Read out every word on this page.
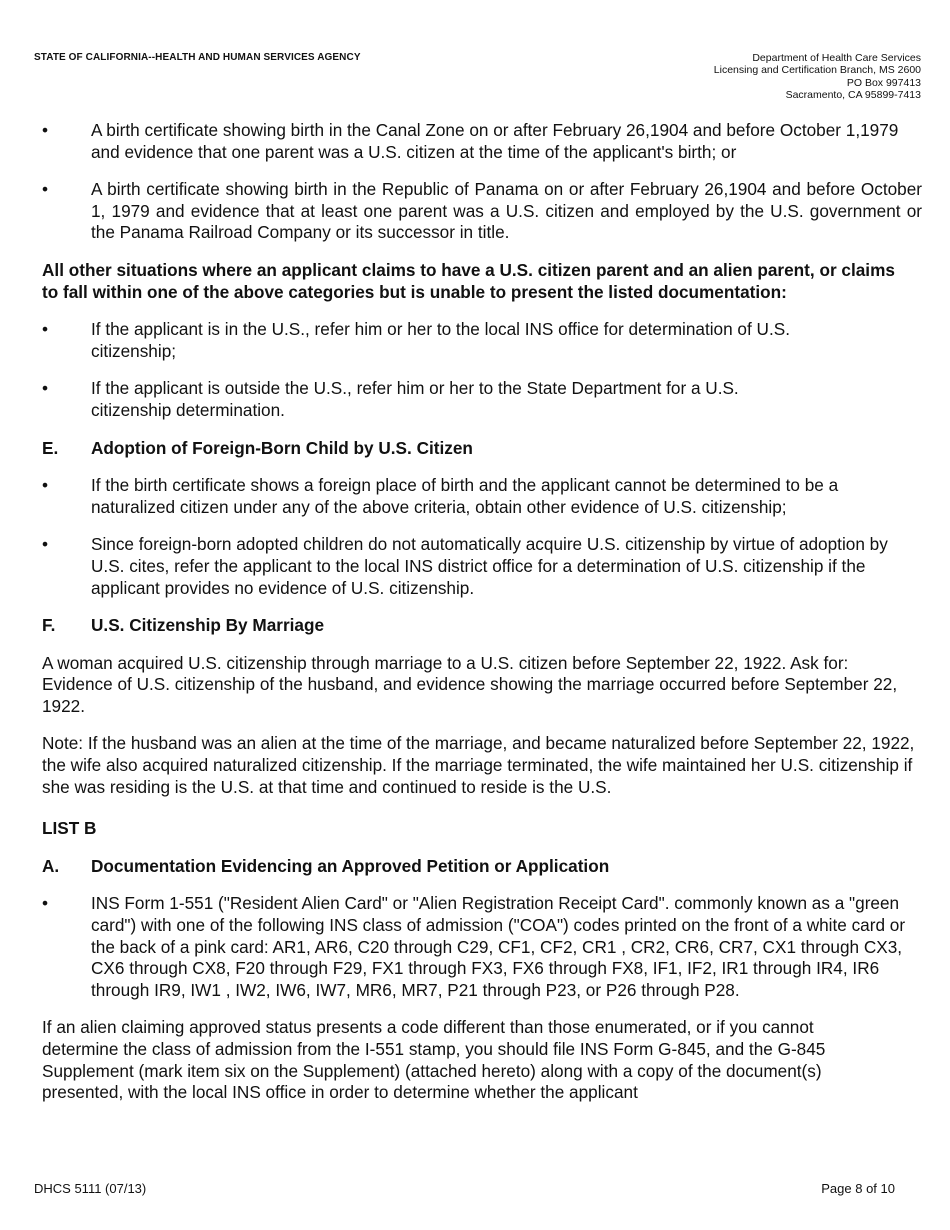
STATE OF CALIFORNIA--HEALTH AND HUMAN SERVICES AGENCY	Department of Health Care Services
Licensing and Certification Branch, MS 2600
PO Box 997413
Sacramento, CA 95899-7413
•	A birth certificate showing birth in the Canal Zone on or after February 26,1904 and before October 1,1979 and evidence that one parent was a U.S. citizen at the time of the applicant's birth; or
•	A birth certificate showing birth in the Republic of Panama on or after February 26,1904 and before October 1, 1979 and evidence that at least one parent was a U.S. citizen and employed by the U.S. government or the Panama Railroad Company or its successor in title.
All other situations where an applicant claims to have a U.S. citizen parent and an alien parent, or claims to fall within one of the above categories but is unable to present the listed documentation:
•	If the applicant is in the U.S., refer him or her to the local INS office for determination of U.S. citizenship;
•	If the applicant is outside the U.S., refer him or her to the State Department for a U.S. citizenship determination.
E.	Adoption of Foreign-Born Child by U.S. Citizen
•	If the birth certificate shows a foreign place of birth and the applicant cannot be determined to be a naturalized citizen under any of the above criteria, obtain other evidence of U.S. citizenship;
•	Since foreign-born adopted children do not automatically acquire U.S. citizenship by virtue of adoption by U.S. cites, refer the applicant to the local INS district office for a determination of U.S. citizenship if the applicant provides no evidence of U.S. citizenship.
F.	U.S. Citizenship By Marriage
A woman acquired U.S. citizenship through marriage to a U.S. citizen before September 22, 1922. Ask for: Evidence of U.S. citizenship of the husband, and evidence showing the marriage occurred before September 22, 1922.
Note: If the husband was an alien at the time of the marriage, and became naturalized before September 22, 1922, the wife also acquired naturalized citizenship. If the marriage terminated, the wife maintained her U.S. citizenship if she was residing is the U.S. at that time and continued to reside is the U.S.
LIST B
A.	Documentation Evidencing an Approved Petition or Application
•	INS Form 1-551 ("Resident Alien Card" or "Alien Registration Receipt Card". commonly known as a "green card") with one of the following INS class of admission ("COA") codes printed on the front of a white card or the back of a pink card: AR1, AR6, C20 through C29, CF1, CF2, CR1 , CR2, CR6, CR7, CX1 through CX3, CX6 through CX8, F20 through F29, FX1 through FX3, FX6 through FX8, IF1, IF2, IR1 through IR4, IR6 through IR9, IW1 , IW2, IW6, IW7, MR6, MR7, P21 through P23, or P26 through P28.
If an alien claiming approved status presents a code different than those enumerated, or if you cannot determine the class of admission from the I-551 stamp, you should file INS Form G-845, and the G-845 Supplement (mark item six on the Supplement) (attached hereto) along with a copy of the document(s) presented, with the local INS office in order to determine whether the applicant
DHCS 5111 (07/13)	Page 8 of 10
